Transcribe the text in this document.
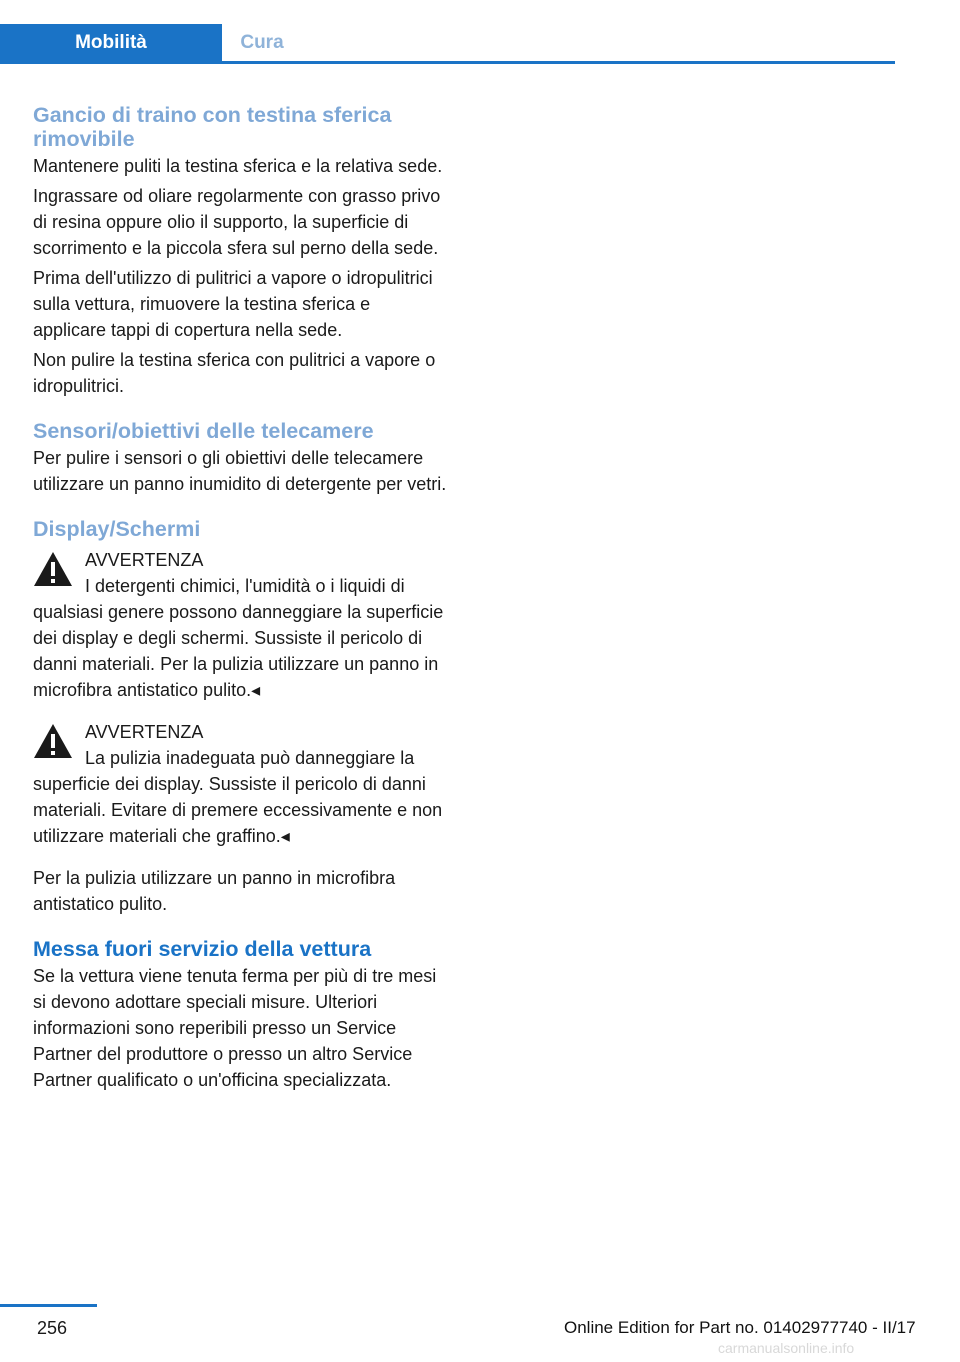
Mobilità	Cura
Gancio di traino con testina sferica rimovibile

Mantenere puliti la testina sferica e la relativa sede.

Ingrassare od oliare regolarmente con grasso privo di resina oppure olio il supporto, la superficie di scorrimento e la piccola sfera sul perno della sede.

Prima dell'utilizzo di pulitrici a vapore o idropulitrici sulla vettura, rimuovere la testina sferica e applicare tappi di copertura nella sede.

Non pulire la testina sferica con pulitrici a vapore o idropulitrici.

Sensori/obiettivi delle telecamere

Per pulire i sensori o gli obiettivi delle telecamere utilizzare un panno inumidito di detergente per vetri.

Display/Schermi

AVVERTENZA

I detergenti chimici, l'umidità o i liquidi di qualsiasi genere possono danneggiare la superficie dei display e degli schermi. Sussiste il pericolo di danni materiali. Per la pulizia utilizzare un panno in microfibra antistatico pulito.◂

AVVERTENZA

La pulizia inadeguata può danneggiare la superficie dei display. Sussiste il pericolo di danni materiali. Evitare di premere eccessivamente e non utilizzare materiali che graffino.◂

Per la pulizia utilizzare un panno in microfibra antistatico pulito.

Messa fuori servizio della vettura

Se la vettura viene tenuta ferma per più di tre mesi si devono adottare speciali misure. Ulteriori informazioni sono reperibili presso un Service Partner del produttore o presso un altro Service Partner qualificato o un'officina specializzata.

256	Online Edition for Part no. 01402977740 - II/17
carmanualsonline.info
